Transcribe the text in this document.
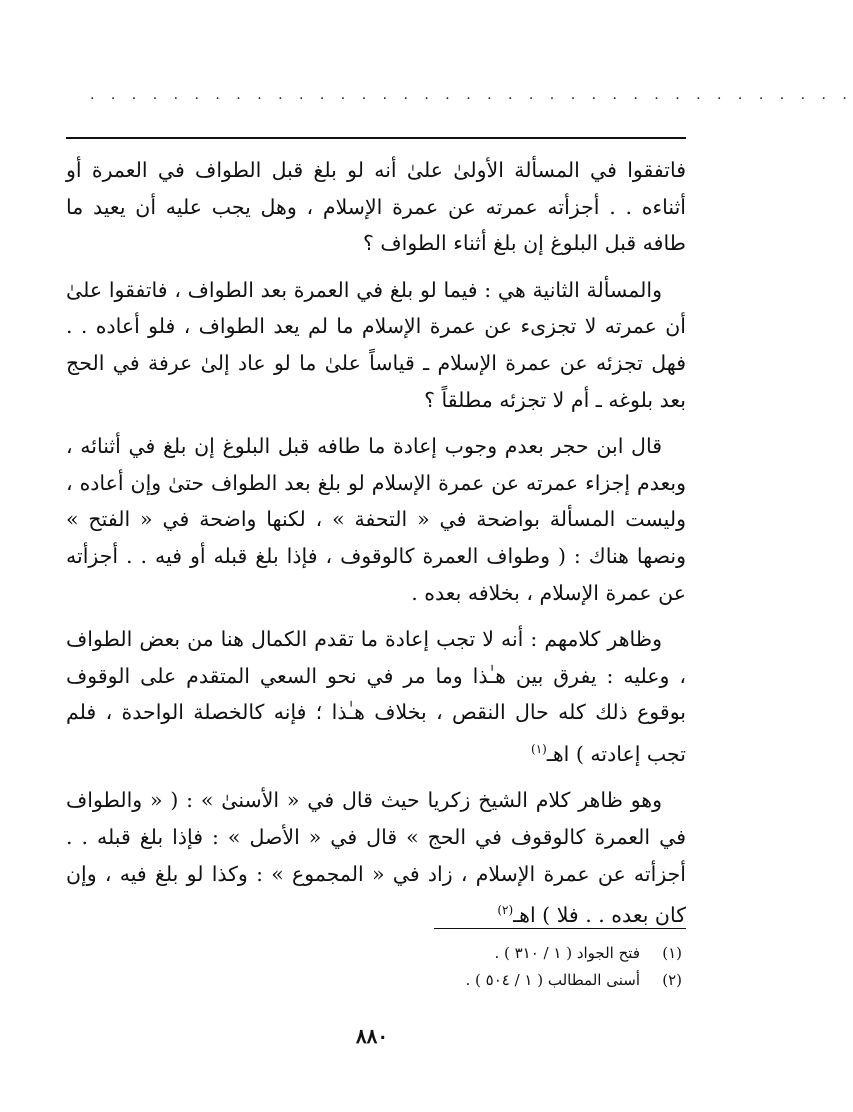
. . . . . . . . . . . . . . . . . . . . . . . . . . . . . . . . . . . . .

فاتفقوا في المسألة الأولىٰ علىٰ أنه لو بلغ قبل الطواف في العمرة أو أثناءه . . أجزأته عمرته عن عمرة الإسلام ، وهل يجب عليه أن يعيد ما طافه قبل البلوغ إن بلغ أثناء الطواف ؟

والمسألة الثانية هي : فيما لو بلغ في العمرة بعد الطواف ، فاتفقوا علىٰ أن عمرته لا تجزىء عن عمرة الإسلام ما لم يعد الطواف ، فلو أعاده . . فهل تجزئه عن عمرة الإسلام ـ قياساً علىٰ ما لو عاد إلىٰ عرفة في الحج بعد بلوغه ـ أم لا تجزئه مطلقاً ؟

قال ابن حجر بعدم وجوب إعادة ما طافه قبل البلوغ إن بلغ في أثنائه ، وبعدم إجزاء عمرته عن عمرة الإسلام لو بلغ بعد الطواف حتىٰ وإن أعاده ، وليست المسألة بواضحة في « التحفة » ، لكنها واضحة في « الفتح » ونصها هناك : ( وطواف العمرة كالوقوف ، فإذا بلغ قبله أو فيه . . أجزأته عن عمرة الإسلام ، بخلافه بعده .

وظاهر كلامهم : أنه لا تجب إعادة ما تقدم الكمال هنا من بعض الطواف ، وعليه : يفرق بين هـٰذا وما مر في نحو السعي المتقدم على الوقوف بوقوع ذلك كله حال النقص ، بخلاف هـٰذا ؛ فإنه كالخصلة الواحدة ، فلم تجب إعادته ) اهـ$^{(١)}$

وهو ظاهر كلام الشيخ زكريا حيث قال في « الأسنىٰ » : ( « والطواف في العمرة كالوقوف في الحج » قال في « الأصل » : فإذا بلغ قبله . . أجزأته عن عمرة الإسلام ، زاد في « المجموع » : وكذا لو بلغ فيه ، وإن كان بعده . . فلا ) اهـ$^{(٢)}$

(١)
فتح الجواد ( ١ / ٣١٠ ) .
(٢)
أسنى المطالب ( ١ / ٥٠٤ ) .
٨٨٠
